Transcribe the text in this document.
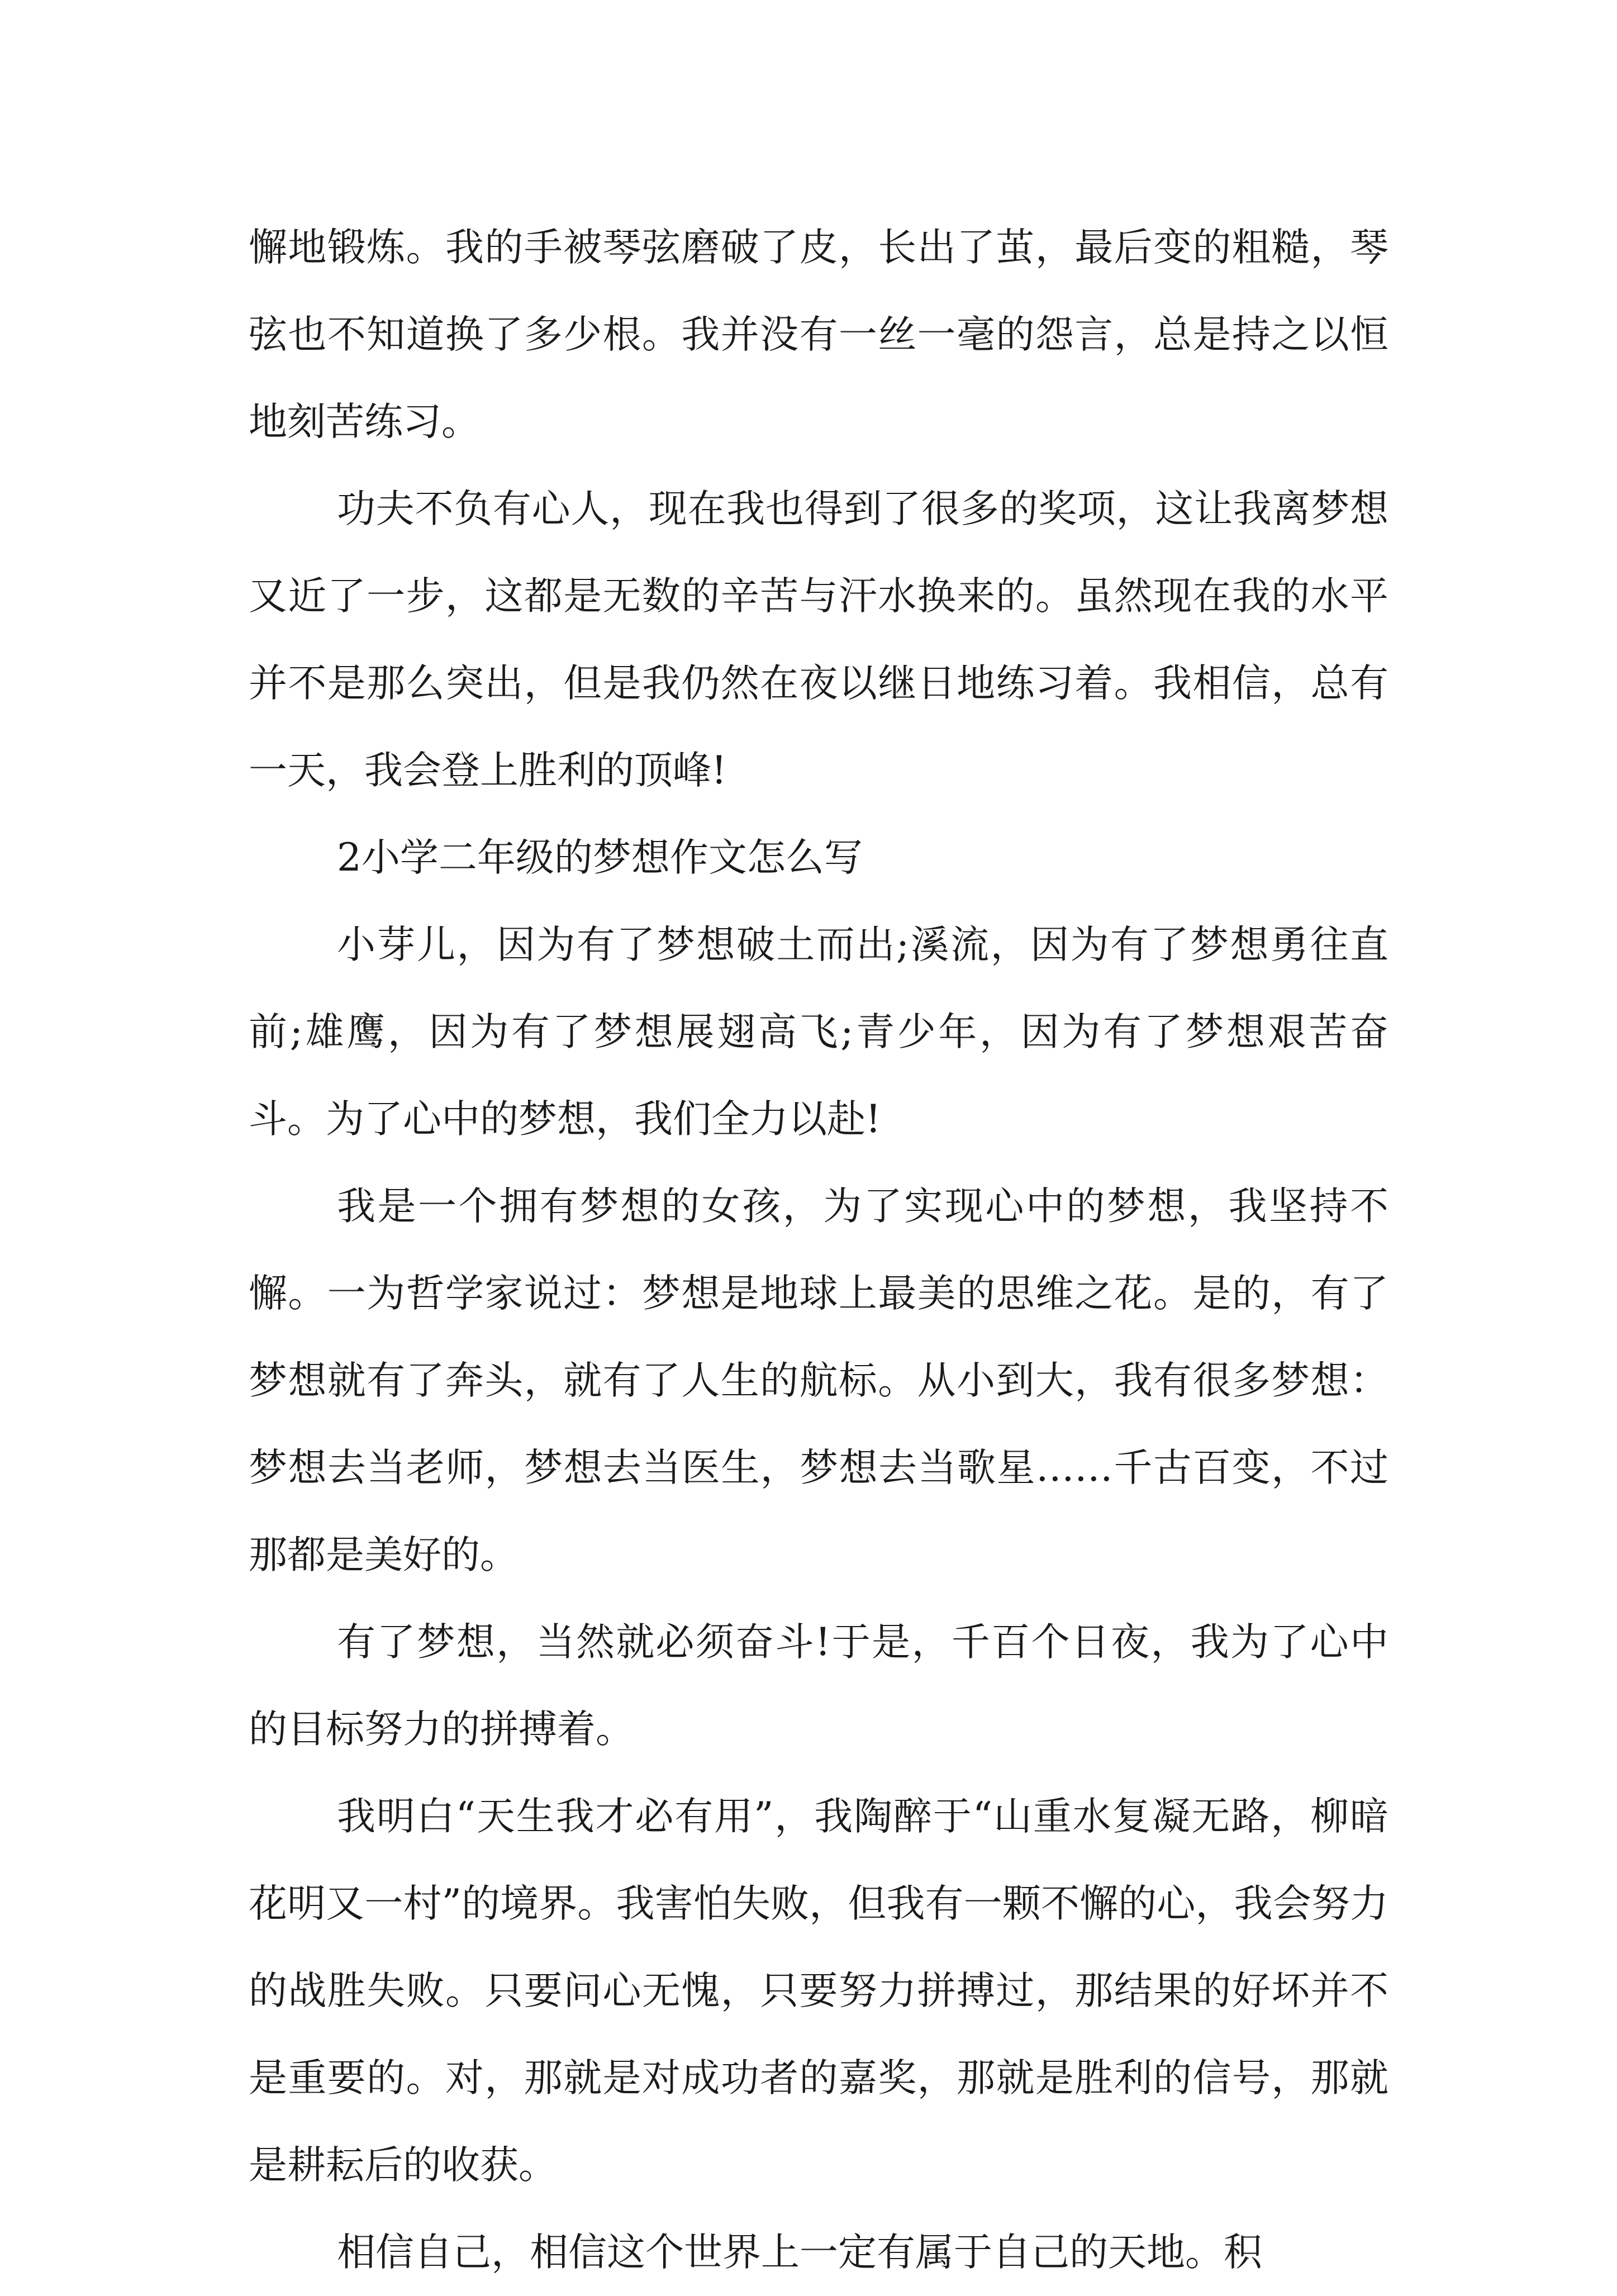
懈地锻炼。我的手被琴弦磨破了皮，长出了茧，最后变的粗糙，琴弦也不知道换了多少根。我并没有一丝一毫的怨言，总是持之以恒地刻苦练习。

功夫不负有心人，现在我也得到了很多的奖项，这让我离梦想又近了一步，这都是无数的辛苦与汗水换来的。虽然现在我的水平并不是那么突出，但是我仍然在夜以继日地练习着。我相信，总有一天，我会登上胜利的顶峰!

2小学二年级的梦想作文怎么写

小芽儿，因为有了梦想破土而出;溪流，因为有了梦想勇往直前;雄鹰，因为有了梦想展翅高飞;青少年，因为有了梦想艰苦奋斗。为了心中的梦想，我们全力以赴!

我是一个拥有梦想的女孩，为了实现心中的梦想，我坚持不懈。一为哲学家说过：梦想是地球上最美的思维之花。是的，有了梦想就有了奔头，就有了人生的航标。从小到大，我有很多梦想：梦想去当老师，梦想去当医生，梦想去当歌星……千古百变，不过那都是美好的。

有了梦想，当然就必须奋斗!于是，千百个日夜，我为了心中的目标努力的拼搏着。

我明白“天生我才必有用”，我陶醉于“山重水复凝无路，柳暗花明又一村”的境界。我害怕失败，但我有一颗不懈的心，我会努力的战胜失败。只要问心无愧，只要努力拼搏过，那结果的好坏并不是重要的。对，那就是对成功者的嘉奖，那就是胜利的信号，那就是耕耘后的收获。

相信自己，相信这个世界上一定有属于自己的天地。积
